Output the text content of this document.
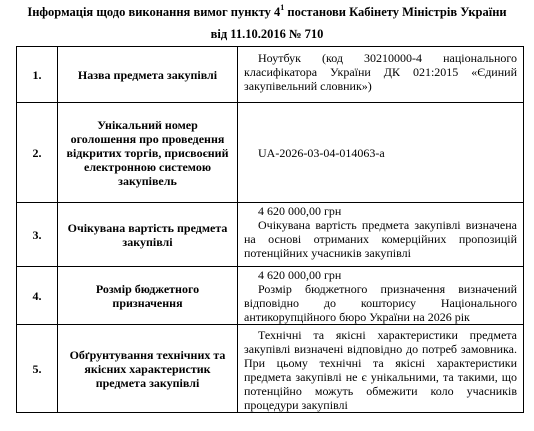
Інформація щодо виконання вимог пункту $4^1$ постанови Кабінету Міністрів України
від 11.10.2016 № 710
1.	Назва предмета закупівлі	Ноутбук (код 30210000-4 національного класифікатора України ДК 021:2015 «Єдиний закупівельний словник»)
2.	Унікальний номер оголошення про проведення відкритих торгів, присвоєний електронною системою закупівель	UA-2026-03-04-014063-a
3.	Очікувана вартість предмета закупівлі	4 620 000,00 грн
Очікувана вартість предмета закупівлі визначена на основі отриманих комерційних пропозицій потенційних учасників закупівлі

4.	Розмір бюджетного призначення	4 620 000,00 грн
Розмір бюджетного призначення визначений відповідно до кошторису Національного антикорупційного бюро України на 2026 рік

5.	Обґрунтування технічних та якісних характеристик предмета закупівлі	Технічні та якісні характеристики предмета закупівлі визначені відповідно до потреб замовника. При цьому технічні та якісні характеристики предмета закупівлі не є унікальними, та такими, що потенційно можуть обмежити коло учасників процедури закупівлі
